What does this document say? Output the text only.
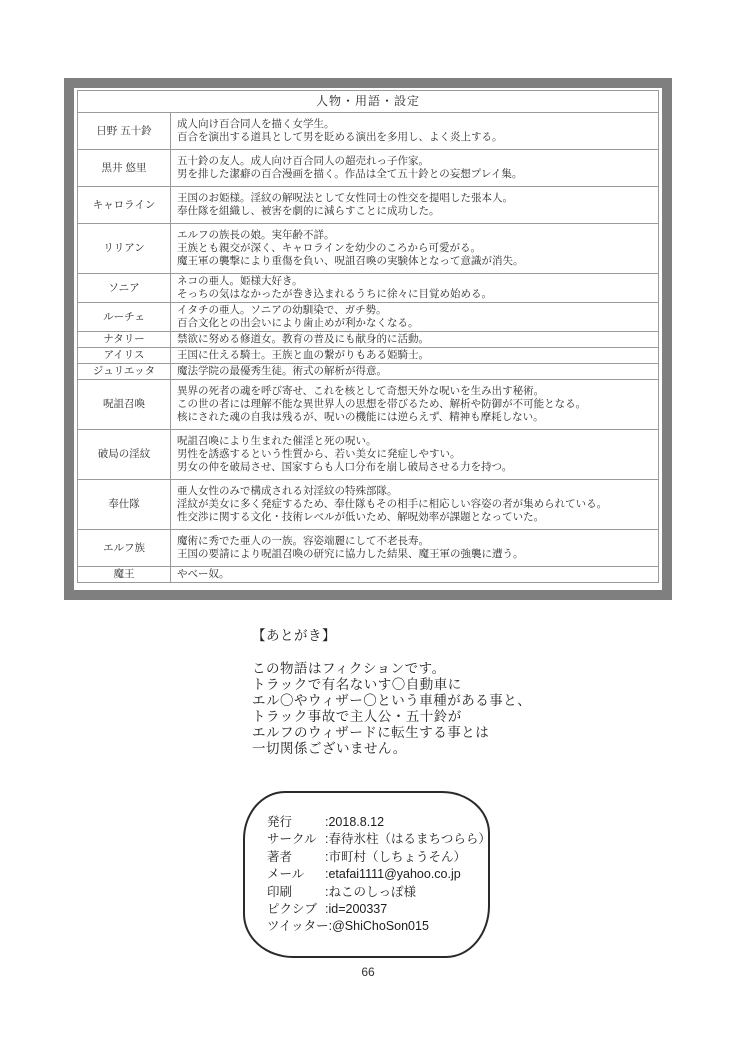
人物・用語・設定	
日野 五十鈴	成人向け百合同人を描く女学生。
百合を演出する道具として男を貶める演出を多用し、よく炎上する。

黒井 悠里	五十鈴の友人。成人向け百合同人の超売れっ子作家。
男を排した潔癖の百合漫画を描く。作品は全て五十鈴との妄想プレイ集。

キャロライン	王国のお姫様。淫紋の解呪法として女性同士の性交を提唱した張本人。
奉仕隊を組織し、被害を劇的に減らすことに成功した。

リリアン	エルフの族長の娘。実年齢不詳。
王族とも親交が深く、キャロラインを幼少のころから可愛がる。
魔王軍の襲撃により重傷を負い、呪詛召喚の実験体となって意識が消失。

ソニア	ネコの亜人。姫様大好き。
そっちの気はなかったが巻き込まれるうちに徐々に目覚め始める。

ルーチェ	イタチの亜人。ソニアの幼馴染で、ガチ勢。
百合文化との出会いにより歯止めが利かなくなる。

ナタリー	禁欲に努める修道女。教育の普及にも献身的に活動。

アイリス	王国に仕える騎士。王族と血の繋がりもある姫騎士。

ジュリエッタ	魔法学院の最優秀生徒。術式の解析が得意。

呪詛召喚	異界の死者の魂を呼び寄せ、これを核として奇想天外な呪いを生み出す秘術。
この世の者には理解不能な異世界人の思想を帯びるため、解析や防御が不可能となる。
核にされた魂の自我は残るが、呪いの機能には逆らえず、精神も摩耗しない。

破局の淫紋	呪詛召喚により生まれた催淫と死の呪い。
男性を誘惑するという性質から、若い美女に発症しやすい。
男女の仲を破局させ、国家すらも人口分布を崩し破局させる力を持つ。

奉仕隊	亜人女性のみで構成される対淫紋の特殊部隊。
淫紋が美女に多く発症するため、奉仕隊もその相手に相応しい容姿の者が集められている。
性交渉に関する文化・技術レベルが低いため、解呪効率が課題となっていた。

エルフ族	魔術に秀でた亜人の一族。容姿端麗にして不老長寿。
王国の要請により呪詛召喚の研究に協力した結果、魔王軍の強襲に遭う。

魔王	やべー奴。
【あとがき】
この物語はフィクションです。
トラックで有名ないす〇自動車に
エル〇やウィザー〇という車種がある事と、
トラック事故で主人公・五十鈴が
エルフのウィザードに転生する事とは
一切関係ございません。
発行	:2018.8.12
サークル :春待氷柱（はるまちつらら）
著者	:市町村（しちょうそん）
メール :etafai1111@yahoo.co.jp
印刷	:ねこのしっぽ様
ピクシブ :id=200337
ツイッター:@ShiChoSon015
66
